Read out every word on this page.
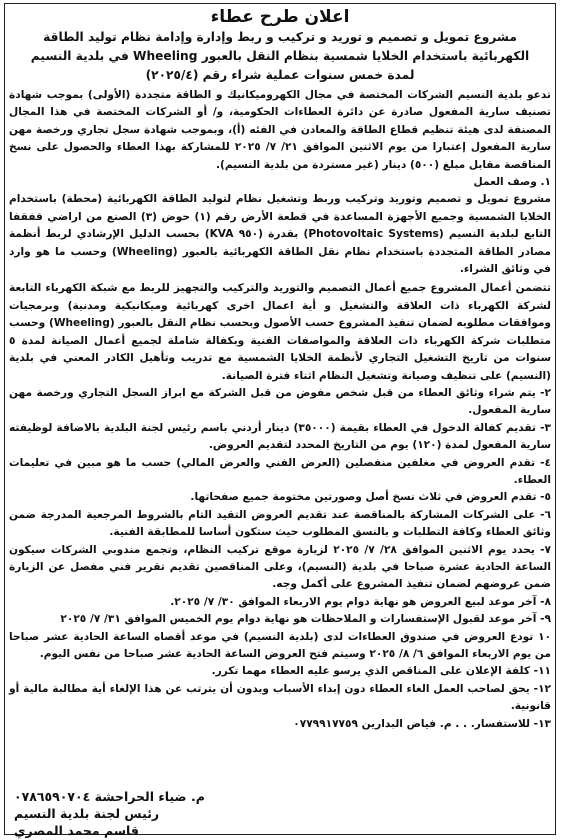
اعلان طرح عطاء

مشروع تمويل و تصميم و توريد و تركيب و ربط وإدارة وإدامة نظام توليد الطاقة

الكهربائية باستخدام الخلايا شمسية بنظام النقل بالعبور Wheeling في بلدية النسيم

لمدة خمس سنوات عملية شراء رقم (٢٠٢٥/٤)

تدعو بلدية النسيم الشركات المختصة في مجال الكهروميكانيك و الطاقة متجددة (الأولى) بموجب شهادة تصنيف سارية المفعول صادرة عن دائرة العطاءات الحكومية، و/ أو الشركات المختصة في هذا المجال المصنفة لدى هيئة تنظيم قطاع الطاقة والمعادن في الفئه (أ)، وبموجب شهادة سجل تجاري ورخصة مهن سارية المفعول إعتبارا من يوم الاثنين الموافق ٢١/ ٧/ ٢٠٢٥ للمشاركة بهذا العطاء والحصول على نسخ المناقصة مقابل مبلغ (٥٠٠) دينار (غير مستردة من بلدية النسيم).

١. وصف العمل

مشروع تمويل و تصميم وتوريد وتركيب وربط وتشغيل نظام لتوليد الطاقة الكهربائية (محطة) باستخدام الخلايا الشمسية وجميع الأجهزة المساعدة في قطعة الأرض رقم (١) حوض (٣) الصنع من اراضي قفقفا التابع لبلدية النسيم (Photovoltaic Systems) بقدرة (٩٥٠ KVA) بحسب الدليل الإرشادي لربط أنظمة مصادر الطاقة المتجددة باستخدام نظام نقل الطاقة الكهربائية بالعبور (Wheeling) وحسب ما هو وارد في وثائق الشراء.

تتضمن أعمال المشروع جميع أعمال التصميم والتوريد والتركيب والتجهيز للربط مع شبكة الكهرباء التابعة لشركة الكهرباء ذات العلاقة والتشغيل و أية اعمال اخرى كهربائية وميكانيكية ومدنية) وبرمجيات وموافقات مطلوبه لضمان تنفيذ المشروع حسب الأصول وبحسب نظام النقل بالعبور (Wheeling) وحسب متطلبات شركة الكهرباء ذات العلاقة والمواصفات الفنية وبكفالة شاملة لجميع أعمال الصيانة لمدة ٥ سنوات من تاريخ التشغيل التجاري لأنظمة الخلايا الشمسية مع تدريب وتأهيل الكادر المعني في بلدية (النسيم) على تنظيف وصيانة وتشغيل النظام اثناء فترة الصيانة.

٢- يتم شراء وثائق العطاء من قبل شخص مفوض من قبل الشركة مع ابراز السجل التجاري ورخصة مهن سارية المفعول.

٣- تقديم كفالة الدخول في العطاء بقيمة (٣٥٠٠٠) دينار أردني باسم رئيس لجنة البلدية بالاضافة لوظيفته سارية المفعول لمدة (١٢٠) يوم من التاريخ المحدد لتقديم العروض.

٤- تقدم العروض في مغلفين منفصلين (العرض الفني والعرض المالي) حسب ما هو مبين في تعليمات العطاء.

٥- تقدم العروض في ثلاث نسخ أصل وصورتين مختومة جميع صفحاتها.

٦- على الشركات المشاركة بالمناقصة عند تقديم العروض التقيد التام بالشروط المرجعية المدرجة ضمن وثائق العطاء وكافة التطلبات و بالنسق المطلوب حيث ستكون أساسا للمطابقة الفنية.

٧- يحدد يوم الاثنين الموافق ٢٨/ ٧/ ٢٠٢٥ لزيارة موقع تركيب النظام، وتجمع مندوبي الشركات سيكون الساعة الحادية عشرة صباحا في بلدية (النسيم)، وعلى المناقصين تقديم تقرير فني مفصل عن الزيارة ضمن عروضهم لضمان تنفيذ المشروع على أكمل وجه.

٨- آخر موعد لبيع العروض هو نهاية دوام يوم الاربعاء الموافق ٣٠/ ٧/ ٢٠٢٥.

٩- آخر موعد لقبول الإستفسارات و الملاحظات هو نهاية دوام يوم الخميس الموافق ٣١/ ٧/ ٢٠٢٥

١٠ تودع العروض في صندوق العطاءات لدى (بلدية النسيم) في موعد أقصاه الساعة الحادية عشر صباحا من يوم الاربعاء الموافق ٦/ ٨/ ٢٠٢٥ وسيتم فتح العروض الساعة الحادية عشر صباحا من نفس اليوم.

١١- كلفة الإعلان على المناقص الذي يرسو عليه العطاء مهما تكرر.

١٢- يحق لصاحب العمل الغاء العطاء دون إبداء الأسباب وبدون أن يترتب عن هذا الإلغاء أية مطالبة مالية أو قانونية.

١٣- للاستفسار. . . م. فياض البدارين ٠٧٧٩٩١٧٧٥٩

م. ضياء الحراحشة ٠٧٨٦٥٩٠٧٠٤

رئيس لجنة بلدية النسيم

قاسم محمد المصري
